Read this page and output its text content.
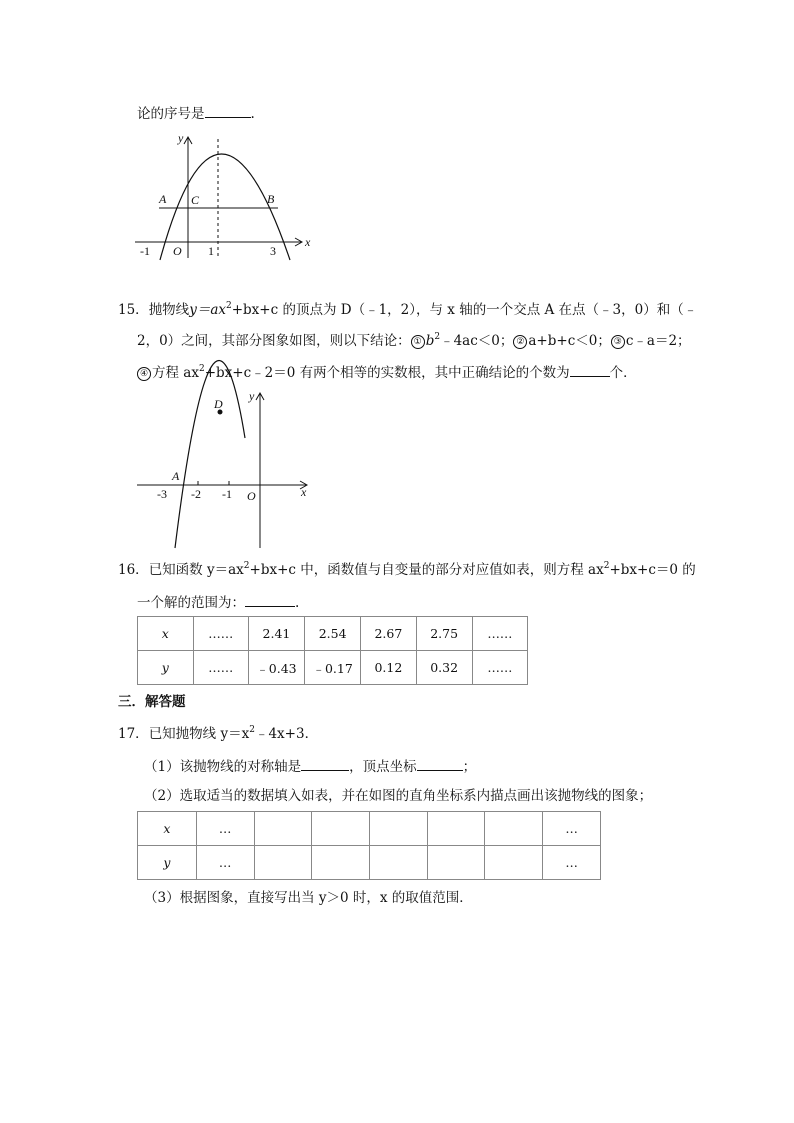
论的序号是	.
y
x
A C	B
O
-1	1	3
15．抛物线$y=ax^2+bx+c$ 的顶点为 D（﹣1，2），与 x 轴的一个交点 A 在点（﹣3，0）和（﹣
2，0）之间，其部分图象如图，则以下结论： ① $b^2﹣4ac<0$； ② a+b+c＜0； ③ c﹣a＝2；
④ 方程 $ax^2+bx+c﹣2=0$ 有两个相等的实数根，其中正确结论的个数为	个．
D
A
y
x
O
-3 -2 -1
16．已知函数 $y=ax^2+bx+c$ 中，函数值与自变量的部分对应值如表，则方程 $ax^2+bx+c=0$ 的
一个解的范围为：	.
x	……	2.41	2.54	2.67	2.75	……
y	……	﹣0.43	﹣0.17	0.12	0.32	……
三．解答题
17．已知抛物线 $y=x^2﹣4x+3$．
（1）该抛物线的对称轴是	，顶点坐标	；
（2）选取适当的数据填入如表，并在如图的直角坐标系内描点画出该抛物线的图象；
x	…						…
y	…						…
（3）根据图象，直接写出当 y＞0 时，x 的取值范围．
